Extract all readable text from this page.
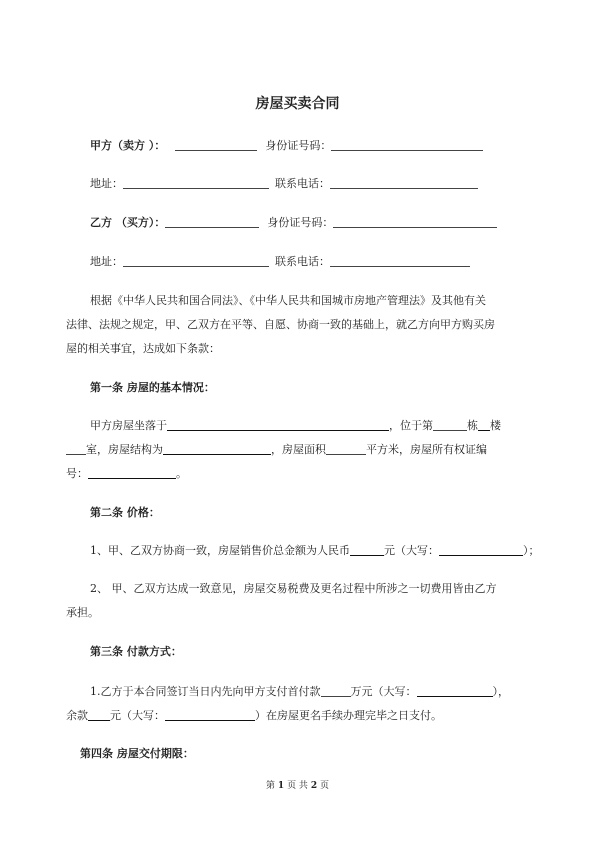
房屋买卖合同
甲方（卖方 ）：	身份证号码：
地址：	联系电话：
乙方 （买方）：	身份证号码：
地址：	联系电话：
根据《中华人民共和国合同法》、《中华人民共和国城市房地产管理法》及其他有关
法律、法规之规定，甲、乙双方在平等、自愿、协商一致的基础上，就乙方向甲方购买房
屋的相关事宜，达成如下条款：
第一条 房屋的基本情况：
甲方房屋坐落于	，位于第	栋 楼
室，房屋结构为	，房屋面积	平方米，房屋所有权证编
号：	。
第二条 价格：
1、甲、乙双方协商一致，房屋销售价总金额为人民币	元（大写：	）；
2、 甲、乙双方达成一致意见，房屋交易税费及更名过程中所涉之一切费用皆由乙方
承担。
第三条 付款方式：
1.乙方于本合同签订当日内先向甲方支付首付款	万元（大写：	），
余款 元（大写：	）在房屋更名手续办理完毕之日支付。
第四条 房屋交付期限：
第 1 页 共 2 页
